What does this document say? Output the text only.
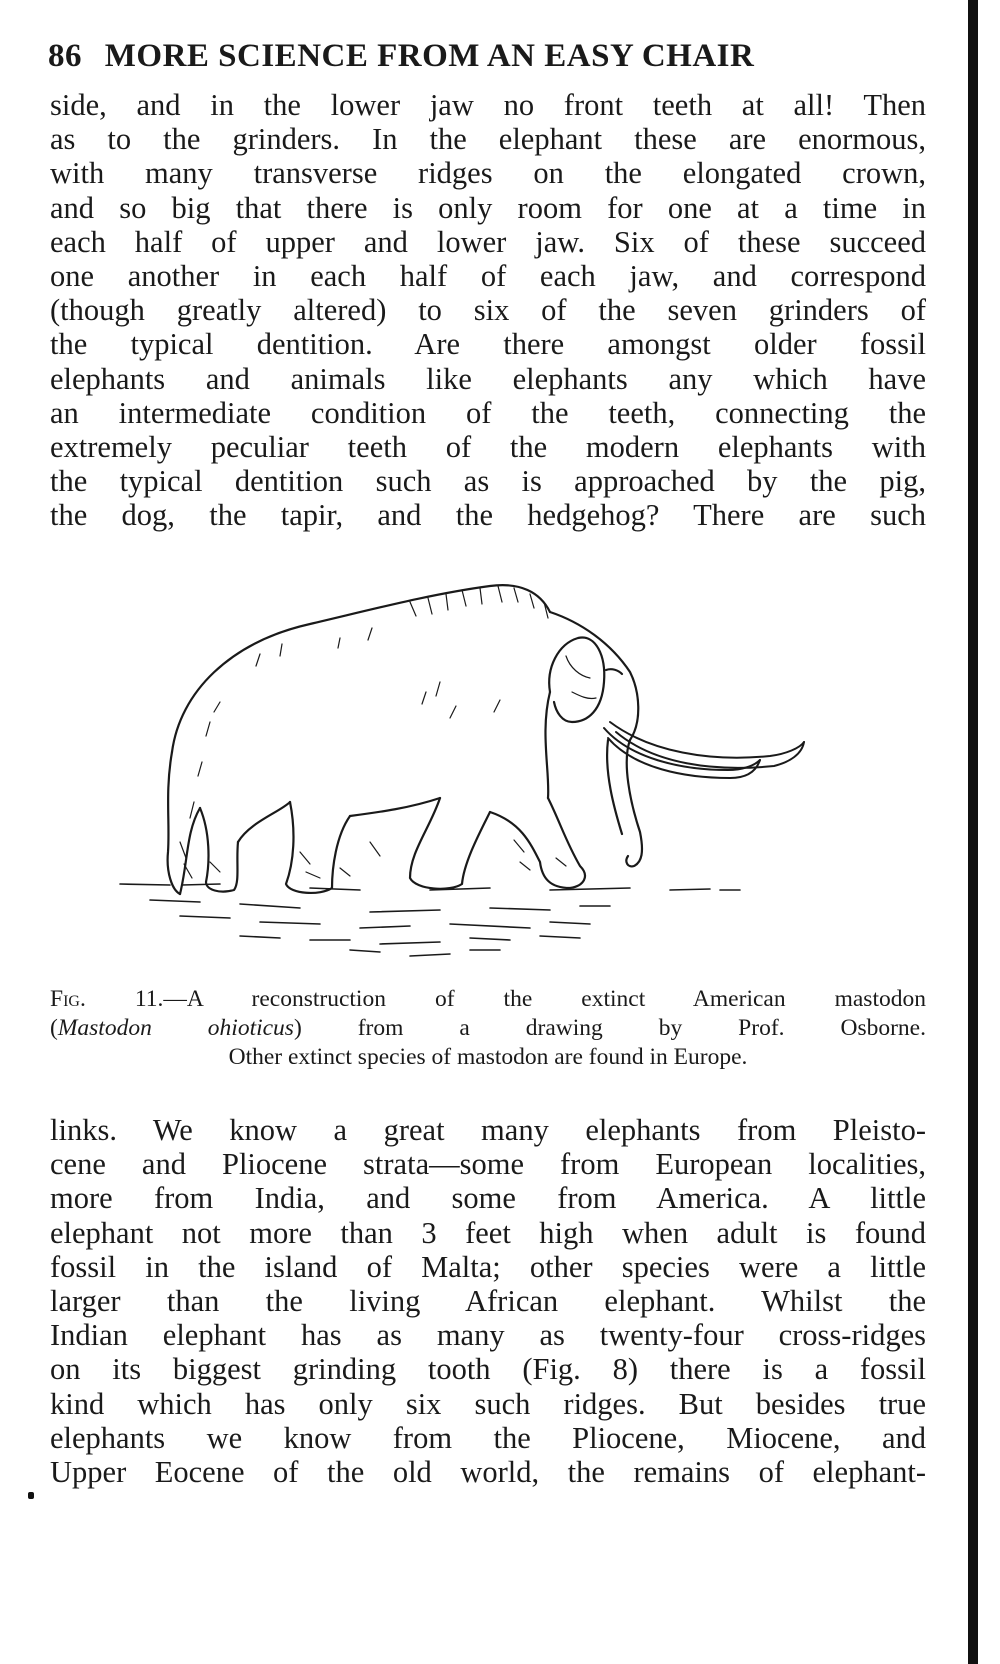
86 MORE SCIENCE FROM AN EASY CHAIR
side, and in the lower jaw no front teeth at all! Then
as to the grinders. In the elephant these are enormous,
with many transverse ridges on the elongated crown,
and so big that there is only room for one at a time in
each half of upper and lower jaw. Six of these succeed
one another in each half of each jaw, and correspond
(though greatly altered) to six of the seven grinders of
the typical dentition. Are there amongst older fossil
elephants and animals like elephants any which have
an intermediate condition of the teeth, connecting the
extremely peculiar teeth of the modern elephants with
the typical dentition such as is approached by the pig,
the dog, the tapir, and the hedgehog? There are such
Fig. 11.—A reconstruction of the extinct American mastodon
(Mastodon ohioticus) from a drawing by Prof. Osborne.
Other extinct species of mastodon are found in Europe.
links. We know a great many elephants from Pleisto-
cene and Pliocene strata—some from European localities,
more from India, and some from America. A little
elephant not more than 3 feet high when adult is found
fossil in the island of Malta; other species were a little
larger than the living African elephant. Whilst the
Indian elephant has as many as twenty-four cross-ridges
on its biggest grinding tooth (Fig. 8) there is a fossil
kind which has only six such ridges. But besides true
elephants we know from the Pliocene, Miocene, and
Upper Eocene of the old world, the remains of elephant-
